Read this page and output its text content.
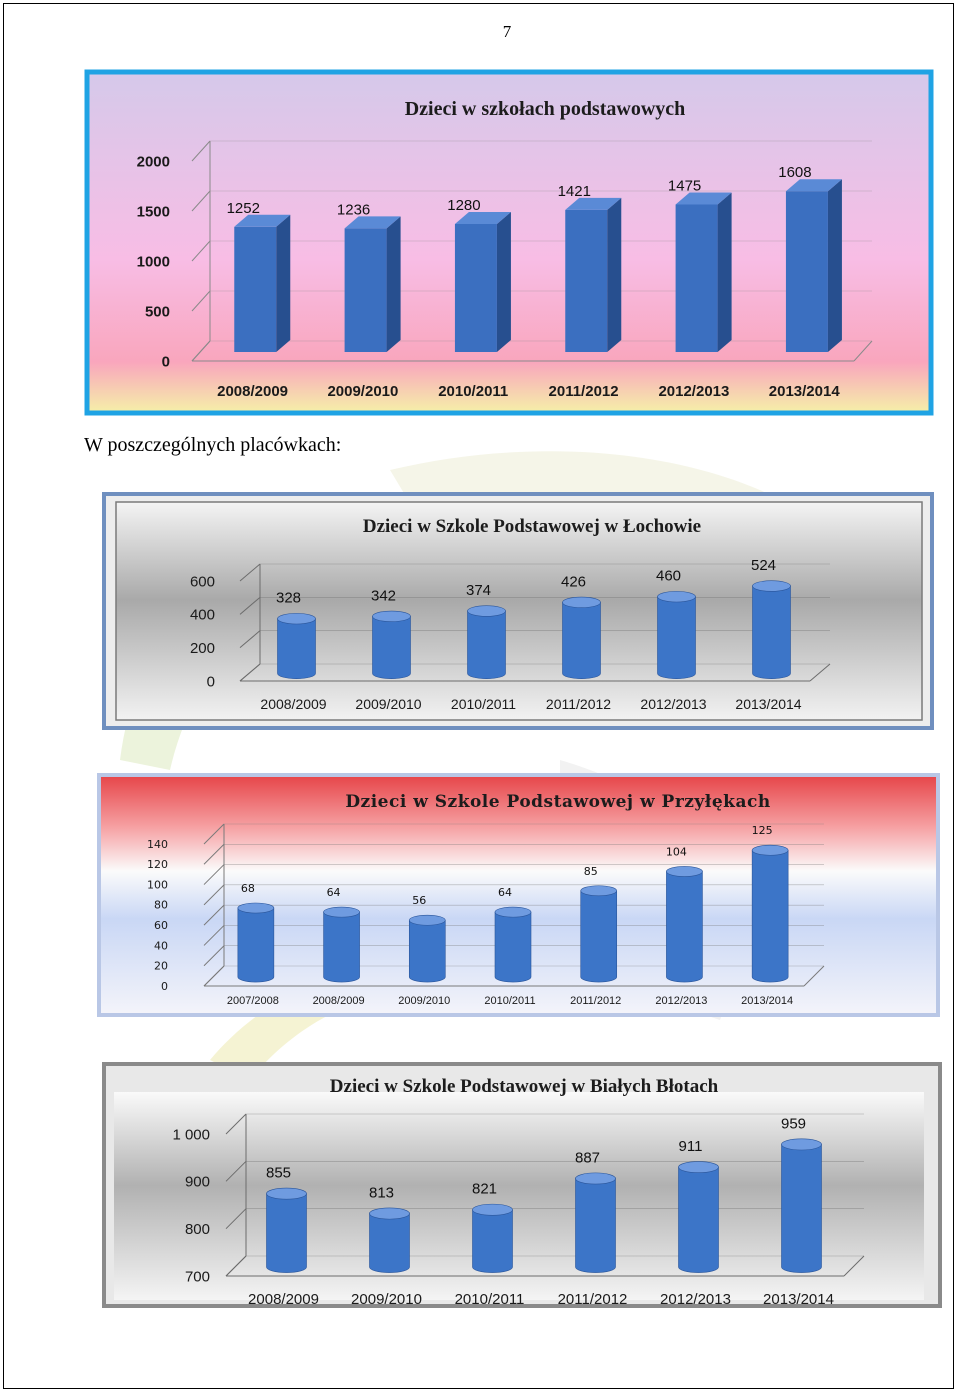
7
0
500
1000
1500
2000
2008/2009	2009/2010	2010/2011	2011/2012	2012/2013	2013/2014
1252	1236	1280
1421	1475
1608
Dzieci w szkołach podstawowych
W poszczególnych placówkach:
0
200
400
600
2008/2009 2009/2010 2010/2011 2011/2012 2012/2013 2013/2014
328	342	374
426	460
524
Dzieci w Szkole Podstawowej w Łochowie
0
20
40
60
80
100
120
140
2007/2008	2008/2009	2009/2010	2010/2011	2011/2012	2012/2013	2013/2014
68	64
56
64
85
104
125
Dzieci w Szkole Podstawowej w Przyłękach
700
800
900
1 000
2008/2009 2009/2010 2010/2011 2011/2012 2012/2013 2013/2014
855
813	821
887
911
959
Dzieci w Szkole Podstawowej w Białych Błotach
